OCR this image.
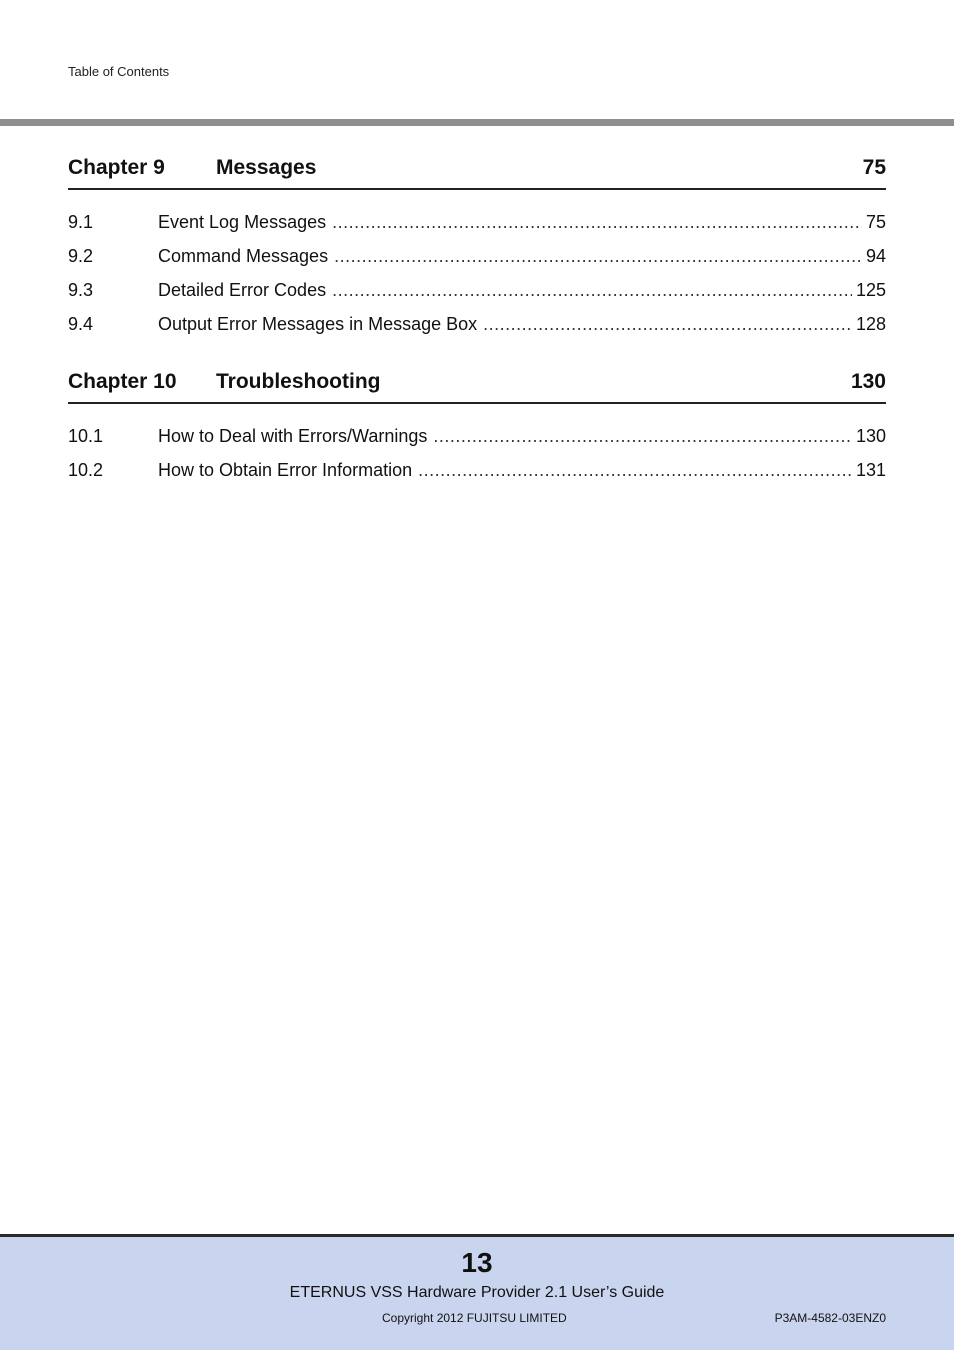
Table of Contents
Chapter 9	Messages	75
9.1	Event Log Messages .....	75
9.2	Command Messages .....	94
9.3	Detailed Error Codes .....	125
9.4	Output Error Messages in Message Box .....	128
Chapter 10	Troubleshooting	130
10.1	How to Deal with Errors/Warnings .....	130
10.2	How to Obtain Error Information .....	131
13
ETERNUS VSS Hardware Provider 2.1 User’s Guide
Copyright 2012 FUJITSU LIMITED	P3AM-4582-03ENZ0
